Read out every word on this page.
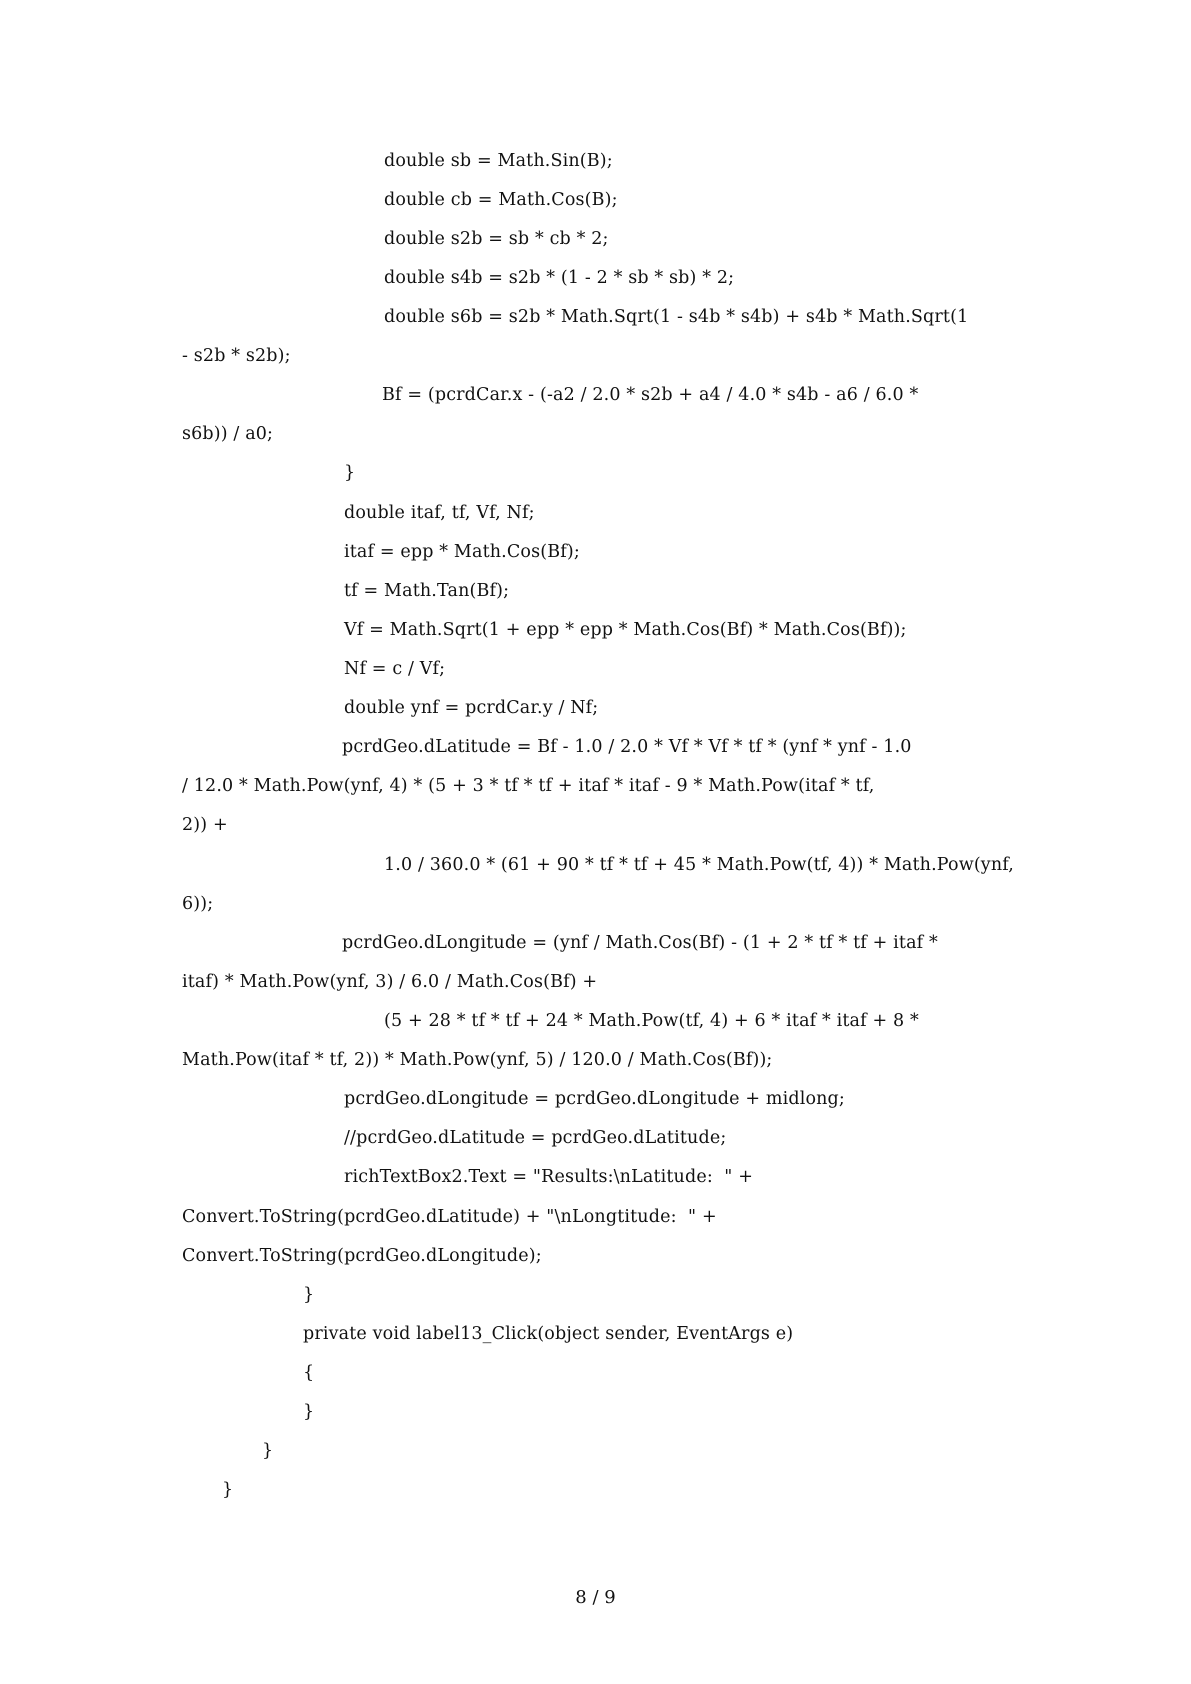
double sb = Math.Sin(B);
double cb = Math.Cos(B);
double s2b = sb * cb * 2;
double s4b = s2b * (1 - 2 * sb * sb) * 2;
double s6b = s2b * Math.Sqrt(1 - s4b * s4b) + s4b * Math.Sqrt(1
- s2b * s2b);
Bf = (pcrdCar.x - (-a2 / 2.0 * s2b + a4 / 4.0 * s4b - a6 / 6.0 *
s6b)) / a0;
}
double itaf, tf, Vf, Nf;
itaf = epp * Math.Cos(Bf);
tf = Math.Tan(Bf);
Vf = Math.Sqrt(1 + epp * epp * Math.Cos(Bf) * Math.Cos(Bf));
Nf = c / Vf;
double ynf = pcrdCar.y / Nf;
pcrdGeo.dLatitude = Bf - 1.0 / 2.0 * Vf * Vf * tf * (ynf * ynf - 1.0
/ 12.0 * Math.Pow(ynf, 4) * (5 + 3 * tf * tf + itaf * itaf - 9 * Math.Pow(itaf * tf,
2)) +
1.0 / 360.0 * (61 + 90 * tf * tf + 45 * Math.Pow(tf, 4)) * Math.Pow(ynf,
6));
pcrdGeo.dLongitude = (ynf / Math.Cos(Bf) - (1 + 2 * tf * tf + itaf *
itaf) * Math.Pow(ynf, 3) / 6.0 / Math.Cos(Bf) +
(5 + 28 * tf * tf + 24 * Math.Pow(tf, 4) + 6 * itaf * itaf + 8 *
Math.Pow(itaf * tf, 2)) * Math.Pow(ynf, 5) / 120.0 / Math.Cos(Bf));
pcrdGeo.dLongitude = pcrdGeo.dLongitude + midlong;
//pcrdGeo.dLatitude = pcrdGeo.dLatitude;
richTextBox2.Text = "Results:\nLatitude:  " +
Convert.ToString(pcrdGeo.dLatitude) + "\nLongtitude:  " +
Convert.ToString(pcrdGeo.dLongitude);
}
private void label13_Click(object sender, EventArgs e)
{
}
}
}
8 / 9
